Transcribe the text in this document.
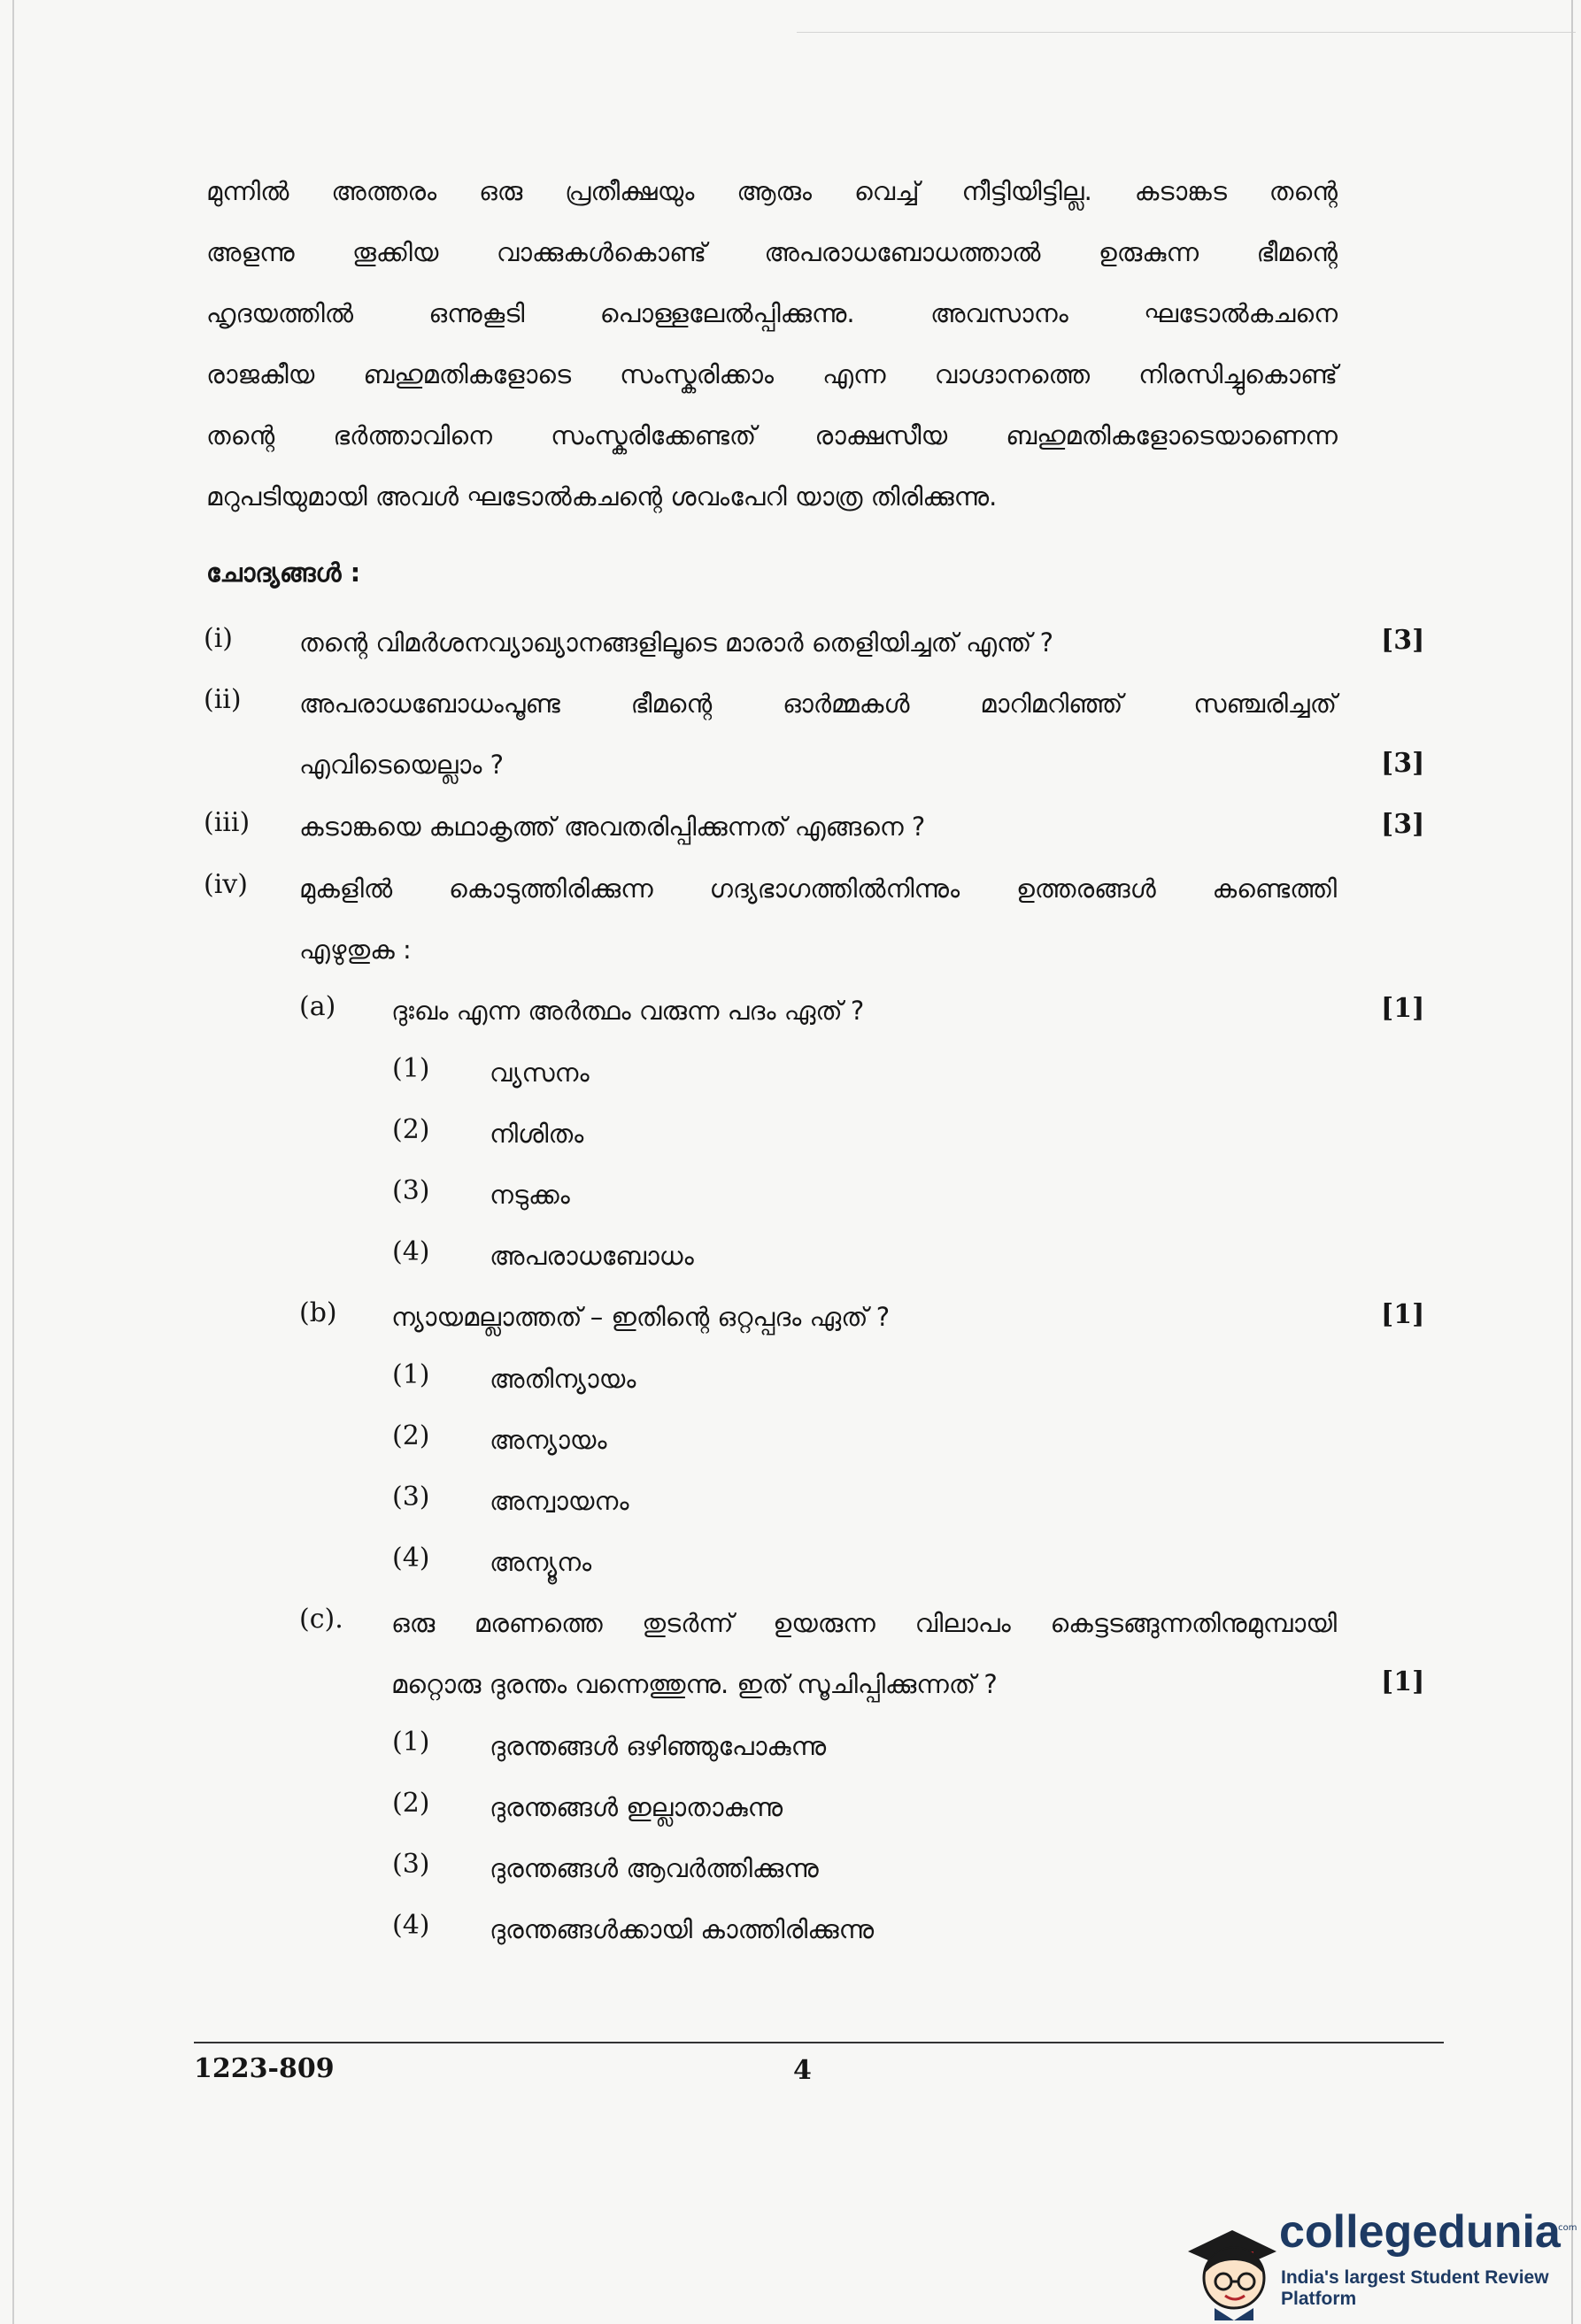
മുന്നിൽ അത്തരം ഒരു പ്രതീക്ഷയും ആരും വെച്ച് നീട്ടിയിട്ടില്ല. കടാങ്കട തന്റെ
അളന്നു തൂക്കിയ വാക്കുകൾകൊണ്ട് അപരാധബോധത്താൽ ഉരുകുന്ന ഭീമന്റെ
ഹൃദയത്തിൽ ഒന്നുകൂടി പൊള്ളലേൽപ്പിക്കുന്നു. അവസാനം ഘടോൽകചനെ
രാജകീയ ബഹുമതികളോടെ സംസ്കരിക്കാം എന്ന വാഗ്ദാനത്തെ നിരസിച്ചുകൊണ്ട്
തന്റെ ഭർത്താവിനെ സംസ്കരിക്കേണ്ടത് രാക്ഷസീയ ബഹുമതികളോടെയാണെന്ന
മറുപടിയുമായി അവൾ ഘടോൽകചന്റെ ശവംപേറി യാത്ര തിരിക്കുന്നു.
ചോദ്യങ്ങൾ :
(i)	തന്റെ വിമർശനവ്യാഖ്യാനങ്ങളിലൂടെ മാരാർ തെളിയിച്ചത് എന്ത് ?	[3]
(ii) അപരാധബോധംപൂണ്ട ഭീമന്റെ ഓർമ്മകൾ മാറിമറിഞ്ഞ് സഞ്ചരിച്ചത്
എവിടെയെല്ലാം ?	[3]
(iii) കടാങ്കയെ കഥാകൃത്ത് അവതരിപ്പിക്കുന്നത് എങ്ങനെ ?	[3]
(iv) മുകളിൽ കൊടുത്തിരിക്കുന്ന ഗദ്യഭാഗത്തിൽനിന്നും ഉത്തരങ്ങൾ കണ്ടെത്തി
എഴുതുക :
(a) ദുഃഖം എന്ന അർത്ഥം വരുന്ന പദം ഏത് ?	[1]
(1) വ്യസനം
(2) നിശിതം
(3) നടുക്കം
(4) അപരാധബോധം
(b) ന്യായമല്ലാത്തത് – ഇതിന്റെ ഒറ്റപ്പദം ഏത് ?	[1]
(1) അതിന്യായം
(2) അന്യായം
(3) അന്വായനം
(4) അന്യൂനം
(c). ഒരു മരണത്തെ തുടർന്ന് ഉയരുന്ന വിലാപം കെട്ടടങ്ങുന്നതിനുമുമ്പായി
മറ്റൊരു ദുരന്തം വന്നെത്തുന്നു. ഇത് സൂചിപ്പിക്കുന്നത് ?	[1]
(1) ദുരന്തങ്ങൾ ഒഴിഞ്ഞുപോകുന്നു
(2) ദുരന്തങ്ങൾ ഇല്ലാതാകുന്നു
(3) ദുരന്തങ്ങൾ ആവർത്തിക്കുന്നു
(4) ദുരന്തങ്ങൾക്കായി കാത്തിരിക്കുന്നു
1223-809	4
collegedunia
.com
India's largest Student Review Platform
